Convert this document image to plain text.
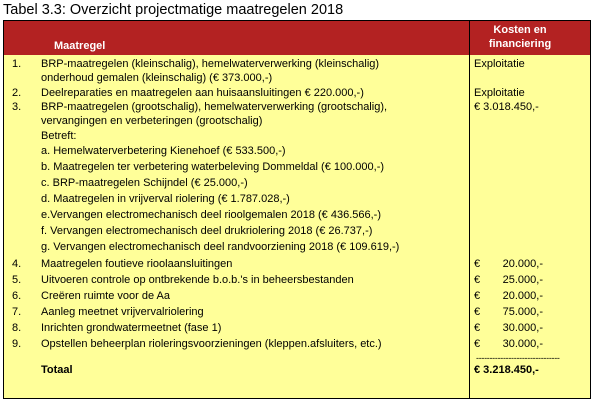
Tabel 3.3: Overzicht projectmatige maatregelen 2018
Maatregel
Kosten en
financiering
1. BRP-maatregelen (kleinschalig), hemelwaterverwerking (kleinschalig)	Exploitatie
onderhoud gemalen (kleinschalig) (€ 373.000,-)
2. Deelreparaties en maatregelen aan huisaansluitingen € 220.000,-)	Exploitatie
3. BRP-maatregelen (grootschalig), hemelwaterverwerking (grootschalig),	€ 3.018.450,-
vervangingen en verbeteringen (grootschalig)
Betreft:
a. Hemelwaterverbetering Kienehoef (€ 533.500,-)
b. Maatregelen ter verbetering waterbeleving Dommeldal (€ 100.000,-)
c. BRP-maatregelen Schijndel (€ 25.000,-)
d. Maatregelen in vrijverval riolering (€ 1.787.028,-)
e.Vervangen electromechanisch deel rioolgemalen 2018 (€ 436.566,-)
f. Vervangen electromechanisch deel drukriolering 2018 (€ 26.737,-)
g. Vervangen electromechanisch deel randvoorziening 2018 (€ 109.619,-)
4. Maatregelen foutieve rioolaansluitingen	€	20.000,-
5. Uitvoeren controle op ontbrekende b.o.b.'s in beheersbestanden	€	25.000,-
6. Creëren ruimte voor de Aa	€	20.000,-
7. Aanleg meetnet vrijvervalriolering	€	75.000,-
8. Inrichten grondwatermeetnet (fase 1)	€	30.000,-
9. Opstellen beheerplan rioleringsvoorzieningen (kleppen.afsluiters, etc.)	€	30.000,-
-------------------------------
Totaal	€ 3.218.450,-
